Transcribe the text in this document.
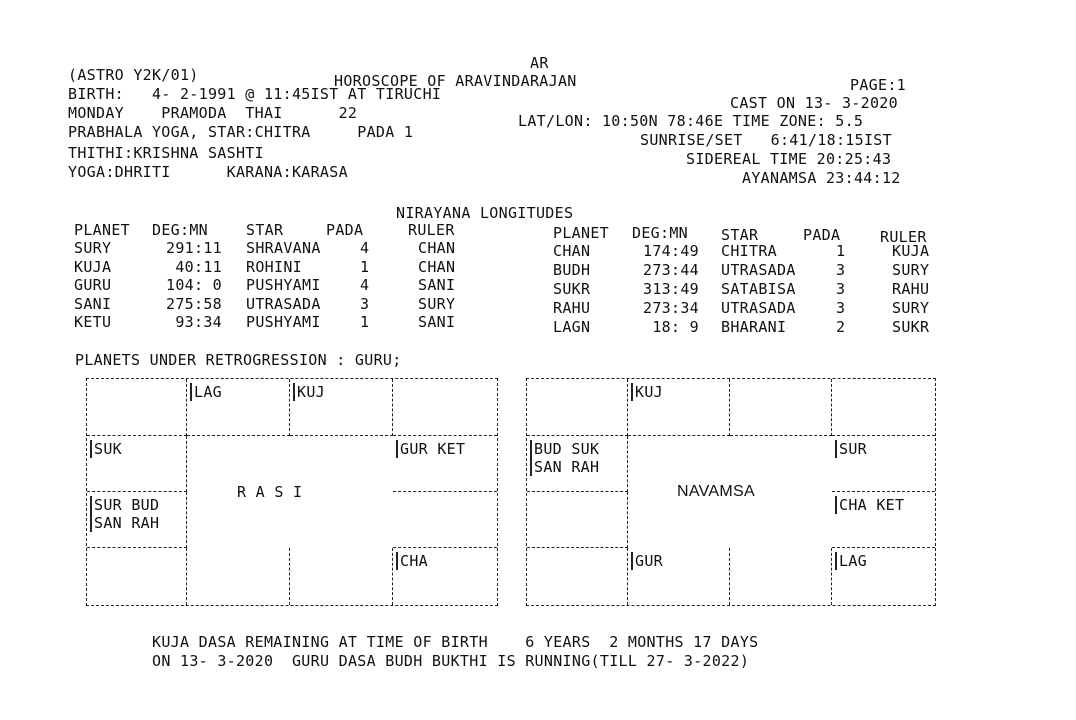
AR
(ASTRO Y2K/01)	HOROSCOPE OF ARAVINDARAJAN	PAGE:1
BIRTH:   4- 2-1991 @ 11:45IST AT TIRUCHI	CAST ON 13- 3-2020
MONDAY    PRAMODA  THAI      22	LAT/LON: 10:50N 78:46E TIME ZONE: 5.5
PRABHALA YOGA, STAR:CHITRA     PADA 1	SUNRISE/SET   6:41/18:15IST
THITHI:KRISHNA SASHTI	SIDEREAL TIME 20:25:43
YOGA:DHRITI      KARANA:KARASA	AYANAMSA 23:44:12
NIRAYANA LONGITUDES
PLANET DEG:MN	STAR	PADA	RULER
SURY	291:11 SHRAVANA	4	CHAN
KUJA	40:11 ROHINI	1	CHAN
GURU	104: 0 PUSHYAMI	4	SANI
SANI	275:58 UTRASADA	3	SURY
KETU	93:34 PUSHYAMI	1	SANI
PLANET DEG:MN STAR	PADA	RULER
CHAN	174:49 CHITRA	1	KUJA
BUDH	273:44 UTRASADA	3	SURY
SUKR	313:49 SATABISA	3	RAHU
RAHU	273:34 UTRASADA	3	SURY
LAGN	18: 9 BHARANI	2	SUKR
PLANETS UNDER RETROGRESSION : GURU;
LAG	KUJ
SUK	GUR KET
SUR BUD
SAN RAH
CHA
R A S I
KUJ
BUD SUK
SAN RAH
SUR
CHA KET
GUR	LAG
NAVAMSA
KUJA DASA REMAINING AT TIME OF BIRTH    6 YEARS  2 MONTHS 17 DAYS
ON 13- 3-2020  GURU DASA BUDH BUKTHI IS RUNNING(TILL 27- 3-2022)
